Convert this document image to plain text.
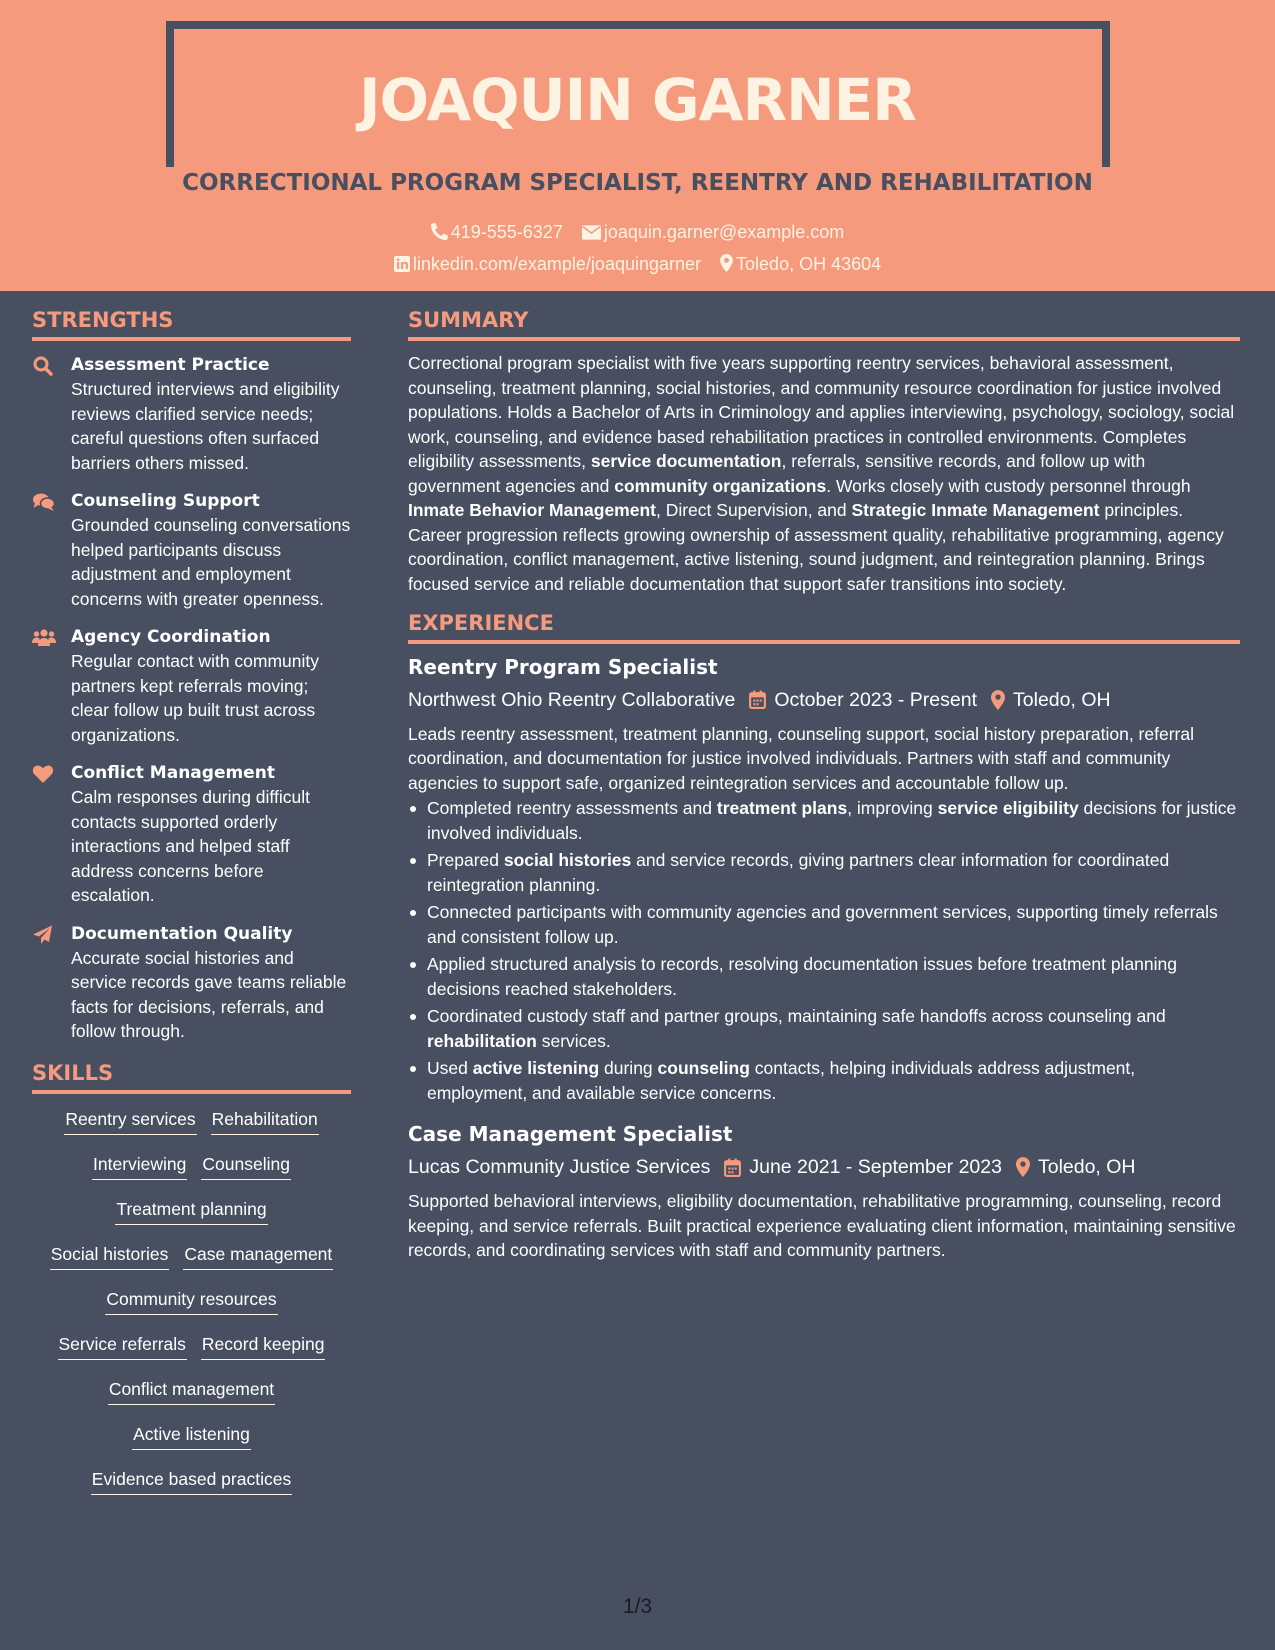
JOAQUIN GARNER
CORRECTIONAL PROGRAM SPECIALIST, REENTRY AND REHABILITATION
419-555-6327 joaquin.garner@example.com
linkedin.com/example/joaquingarner Toledo, OH 43604
STRENGTHS
Assessment Practice
Structured interviews and eligibility reviews clarified service needs; careful questions often surfaced barriers others missed.
Counseling Support
Grounded counseling conversations helped participants discuss adjustment and employment concerns with greater openness.
Agency Coordination
Regular contact with community partners kept referrals moving; clear follow up built trust across organizations.
Conflict Management
Calm responses during difficult contacts supported orderly interactions and helped staff address concerns before escalation.
Documentation Quality
Accurate social histories and service records gave teams reliable facts for decisions, referrals, and follow through.
SKILLS
Reentry services Rehabilitation
Interviewing Counseling
Treatment planning
Social histories Case management
Community resources
Service referrals Record keeping
Conflict management
Active listening
Evidence based practices
SUMMARY
Correctional program specialist with five years supporting reentry services, behavioral assessment, counseling, treatment planning, social histories, and community resource coordination for justice involved populations. Holds a Bachelor of Arts in Criminology and applies interviewing, psychology, sociology, social work, counseling, and evidence based rehabilitation practices in controlled environments. Completes eligibility assessments, service documentation, referrals, sensitive records, and follow up with government agencies and community organizations. Works closely with custody personnel through Inmate Behavior Management, Direct Supervision, and Strategic Inmate Management principles. Career progression reflects growing ownership of assessment quality, rehabilitative programming, agency coordination, conflict management, active listening, sound judgment, and reintegration planning. Brings focused service and reliable documentation that support safer transitions into society.
EXPERIENCE
Reentry Program Specialist
Northwest Ohio Reentry Collaborative October 2023 - Present Toledo, OH
Leads reentry assessment, treatment planning, counseling support, social history preparation, referral coordination, and documentation for justice involved individuals. Partners with staff and community agencies to support safe, organized reintegration services and accountable follow up.
Completed reentry assessments and treatment plans, improving service eligibility decisions for justice involved individuals.
Prepared social histories and service records, giving partners clear information for coordinated reintegration planning.
Connected participants with community agencies and government services, supporting timely referrals and consistent follow up.
Applied structured analysis to records, resolving documentation issues before treatment planning decisions reached stakeholders.
Coordinated custody staff and partner groups, maintaining safe handoffs across counseling and rehabilitation services.
Used active listening during counseling contacts, helping individuals address adjustment, employment, and available service concerns.
Case Management Specialist
Lucas Community Justice Services June 2021 - September 2023 Toledo, OH
Supported behavioral interviews, eligibility documentation, rehabilitative programming, counseling, record keeping, and service referrals. Built practical experience evaluating client information, maintaining sensitive records, and coordinating services with staff and community partners.
1/3
